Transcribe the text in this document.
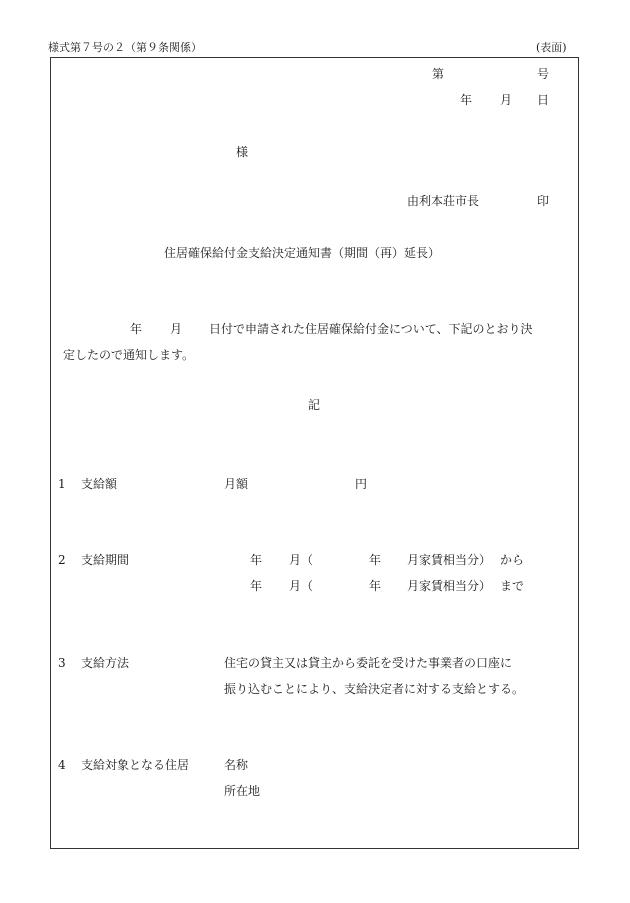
様式第７号の２（第９条関係）	(表面)
第	号
年 月 日
様
由利本荘市長	印
住居確保給付金支給決定通知書（期間（再）延長）
年 月 日付で申請された住居確保給付金について、下記のとおり決
定したので通知します。
記
1 支給額	月額	円
2 支給期間	年 月（	年 月家賃相当分） から
年 月（	年 月家賃相当分） まで
3 支給方法	住宅の貸主又は貸主から委託を受けた事業者の口座に
振り込むことにより、支給決定者に対する支給とする。
4 支給対象となる住居	名称
所在地
